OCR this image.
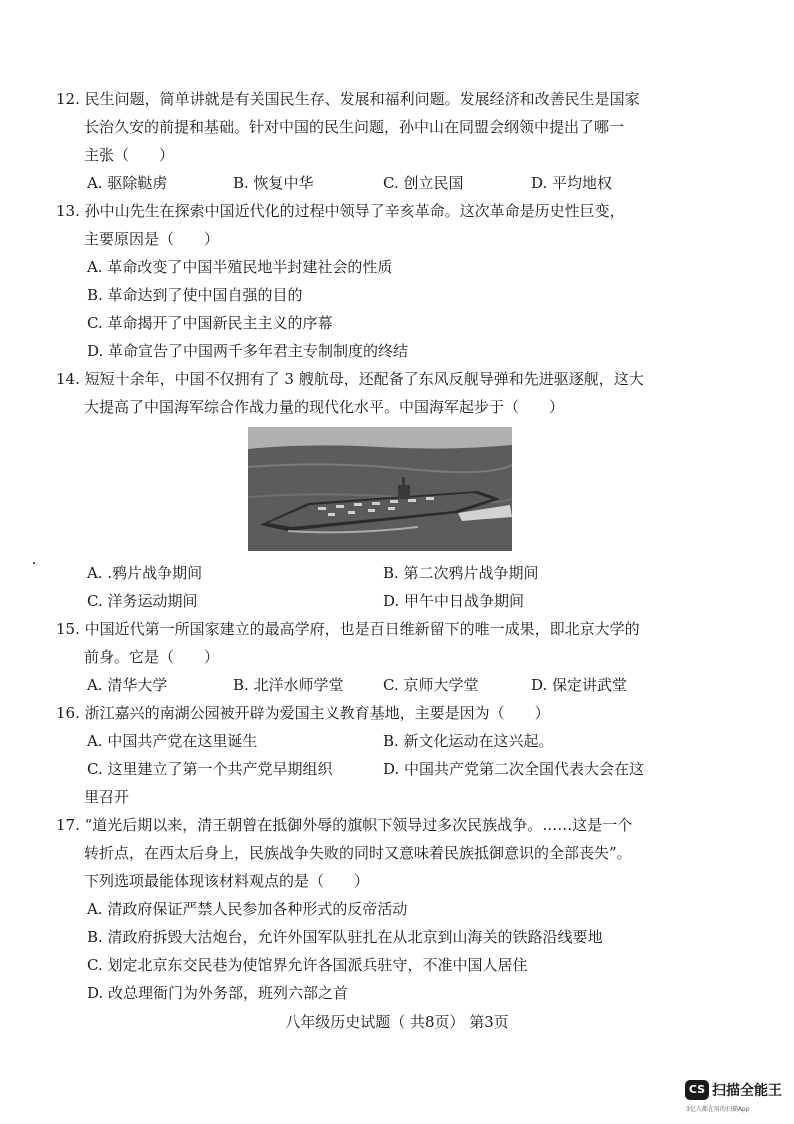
12. 民生问题，简单讲就是有关国民生存、发展和福利问题。发展经济和改善民生是国家
长治久安的前提和基础。针对中国的民生问题，孙中山在同盟会纲领中提出了哪一
主张（　　）
A. 驱除鞑虏	B. 恢复中华	C. 创立民国	D. 平均地权
13. 孙中山先生在探索中国近代化的过程中领导了辛亥革命。这次革命是历史性巨变，
主要原因是（　　）
A. 革命改变了中国半殖民地半封建社会的性质
B. 革命达到了使中国自强的目的
C. 革命揭开了中国新民主主义的序幕
D. 革命宣告了中国两千多年君主专制制度的终结
14. 短短十余年，中国不仅拥有了 3 艘航母，还配备了东风反舰导弹和先进驱逐舰，这大
大提高了中国海军综合作战力量的现代化水平。中国海军起步于（　　）
A. .鸦片战争期间	B. 第二次鸦片战争期间
C. 洋务运动期间	D. 甲午中日战争期间
15. 中国近代第一所国家建立的最高学府，也是百日维新留下的唯一成果，即北京大学的
前身。它是（　　）
A. 清华大学	B. 北洋水师学堂	C. 京师大学堂	D. 保定讲武堂
16. 浙江嘉兴的南湖公园被开辟为爱国主义教育基地，主要是因为（　　）
A. 中国共产党在这里诞生	B. 新文化运动在这兴起。
C. 这里建立了第一个共产党早期组织	D. 中国共产党第二次全国代表大会在这
里召开
17. “道光后期以来，清王朝曾在抵御外辱的旗帜下领导过多次民族战争。……这是一个
转折点，在西太后身上，民族战争失败的同时又意味着民族抵御意识的全部丧失”。
下列选项最能体现该材料观点的是（　　）
A. 清政府保证严禁人民参加各种形式的反帝活动
B. 清政府拆毁大沽炮台，允许外国军队驻扎在从北京到山海关的铁路沿线要地
C. 划定北京东交民巷为使馆界允许各国派兵驻守，不准中国人居住
D. 改总理衙门为外务部，班列六部之首
八年级历史试题（ 共8页） 第3页
CS 扫描全能王
3亿人都在用的扫描App
